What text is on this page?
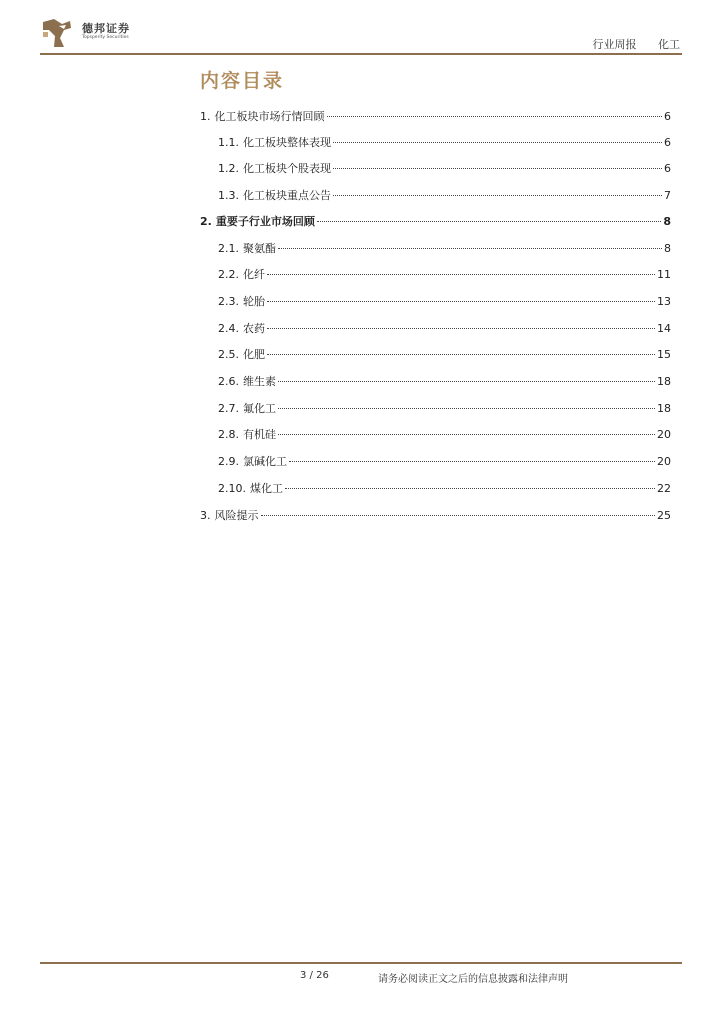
德邦证券
Topsperity Securities
行业周报 化工
内容目录
1. 化工板块市场行情回顾	6
1.1. 化工板块整体表现	6
1.2. 化工板块个股表现	6
1.3. 化工板块重点公告	7
2. 重要子行业市场回顾	8
2.1. 聚氨酯	8
2.2. 化纤	11
2.3. 轮胎	13
2.4. 农药	14
2.5. 化肥	15
2.6. 维生素	18
2.7. 氟化工	18
2.8. 有机硅	20
2.9. 氯碱化工	20
2.10. 煤化工	22
3. 风险提示	25
3 / 26	请务必阅读正文之后的信息披露和法律声明
